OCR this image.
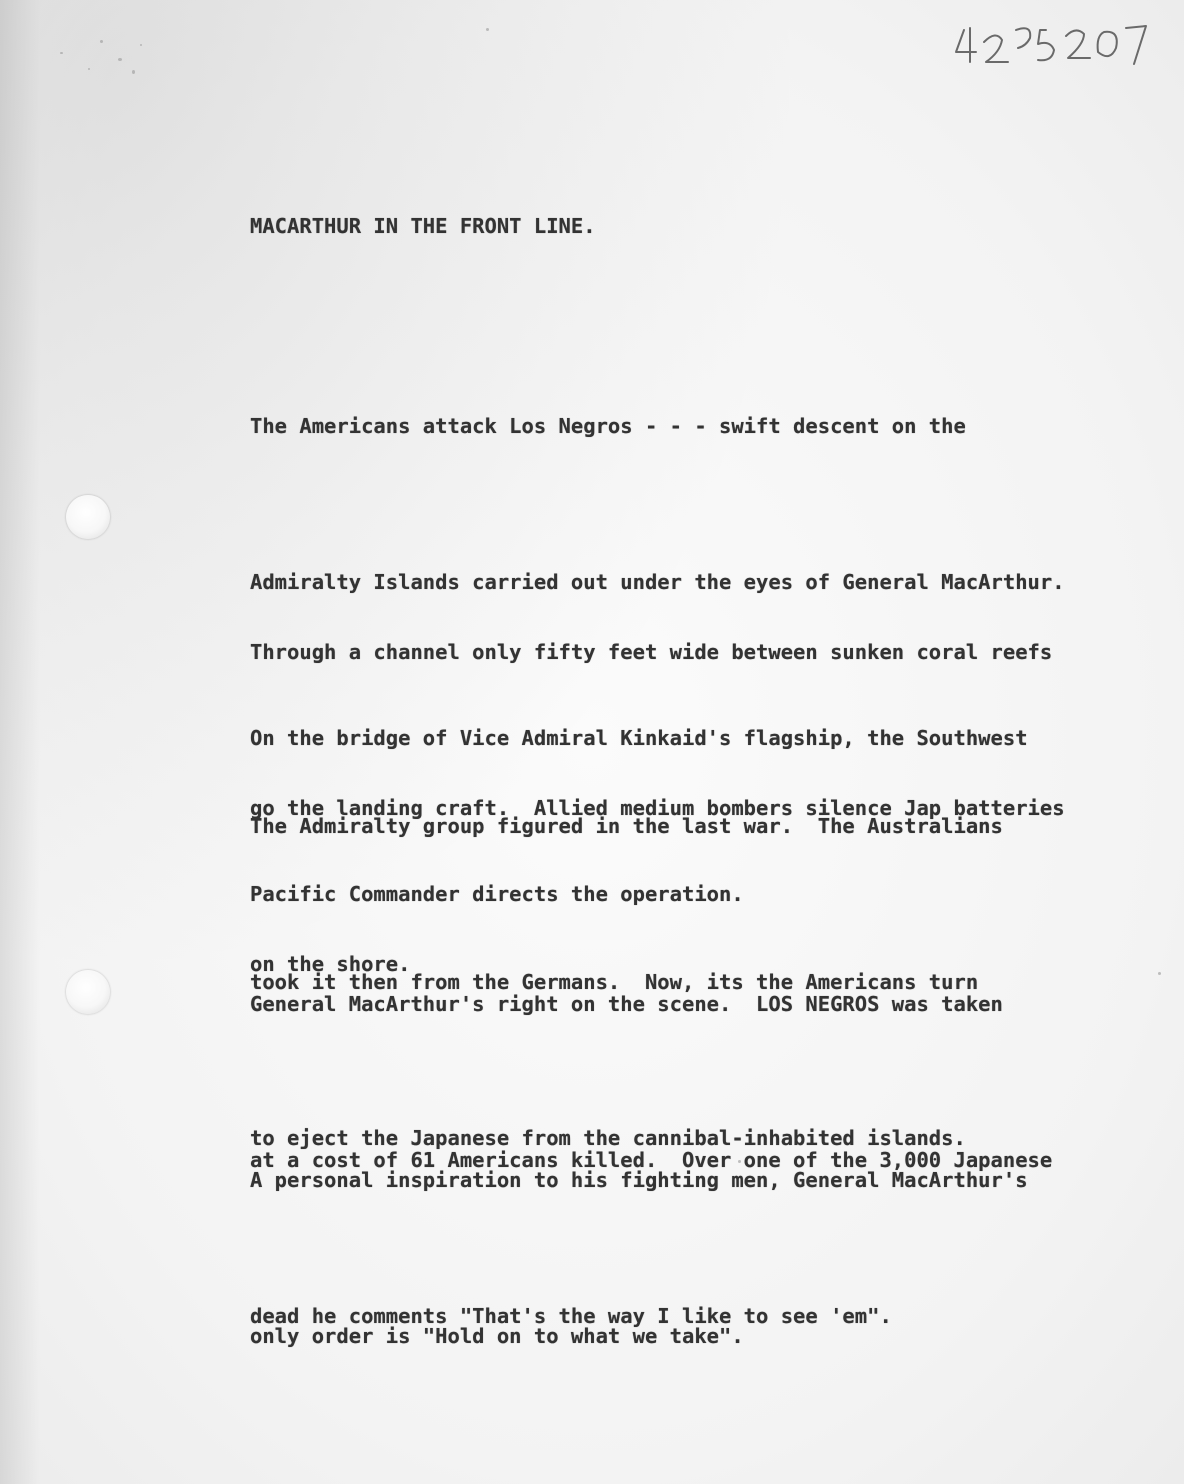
MACARTHUR IN THE FRONT LINE.

The Americans attack Los Negros - - - swift descent on the

Admiralty Islands carried out under the eyes of General MacArthur.

On the bridge of Vice Admiral Kinkaid's flagship, the Southwest

Pacific Commander directs the operation.

Through a channel only fifty feet wide between sunken coral reefs

go the landing craft.  Allied medium bombers silence Jap batteries

on the shore.

The Admiralty group figured in the last war.  The Australians

took it then from the Germans.  Now, its the Americans turn

to eject the Japanese from the cannibal-inhabited islands.

General MacArthur's right on the scene.  LOS NEGROS was taken

at a cost of 61 Americans killed.  Over one of the 3,000 Japanese

dead he comments "That's the way I like to see 'em".

A personal inspiration to his fighting men, General MacArthur's

only order is "Hold on to what we take".
